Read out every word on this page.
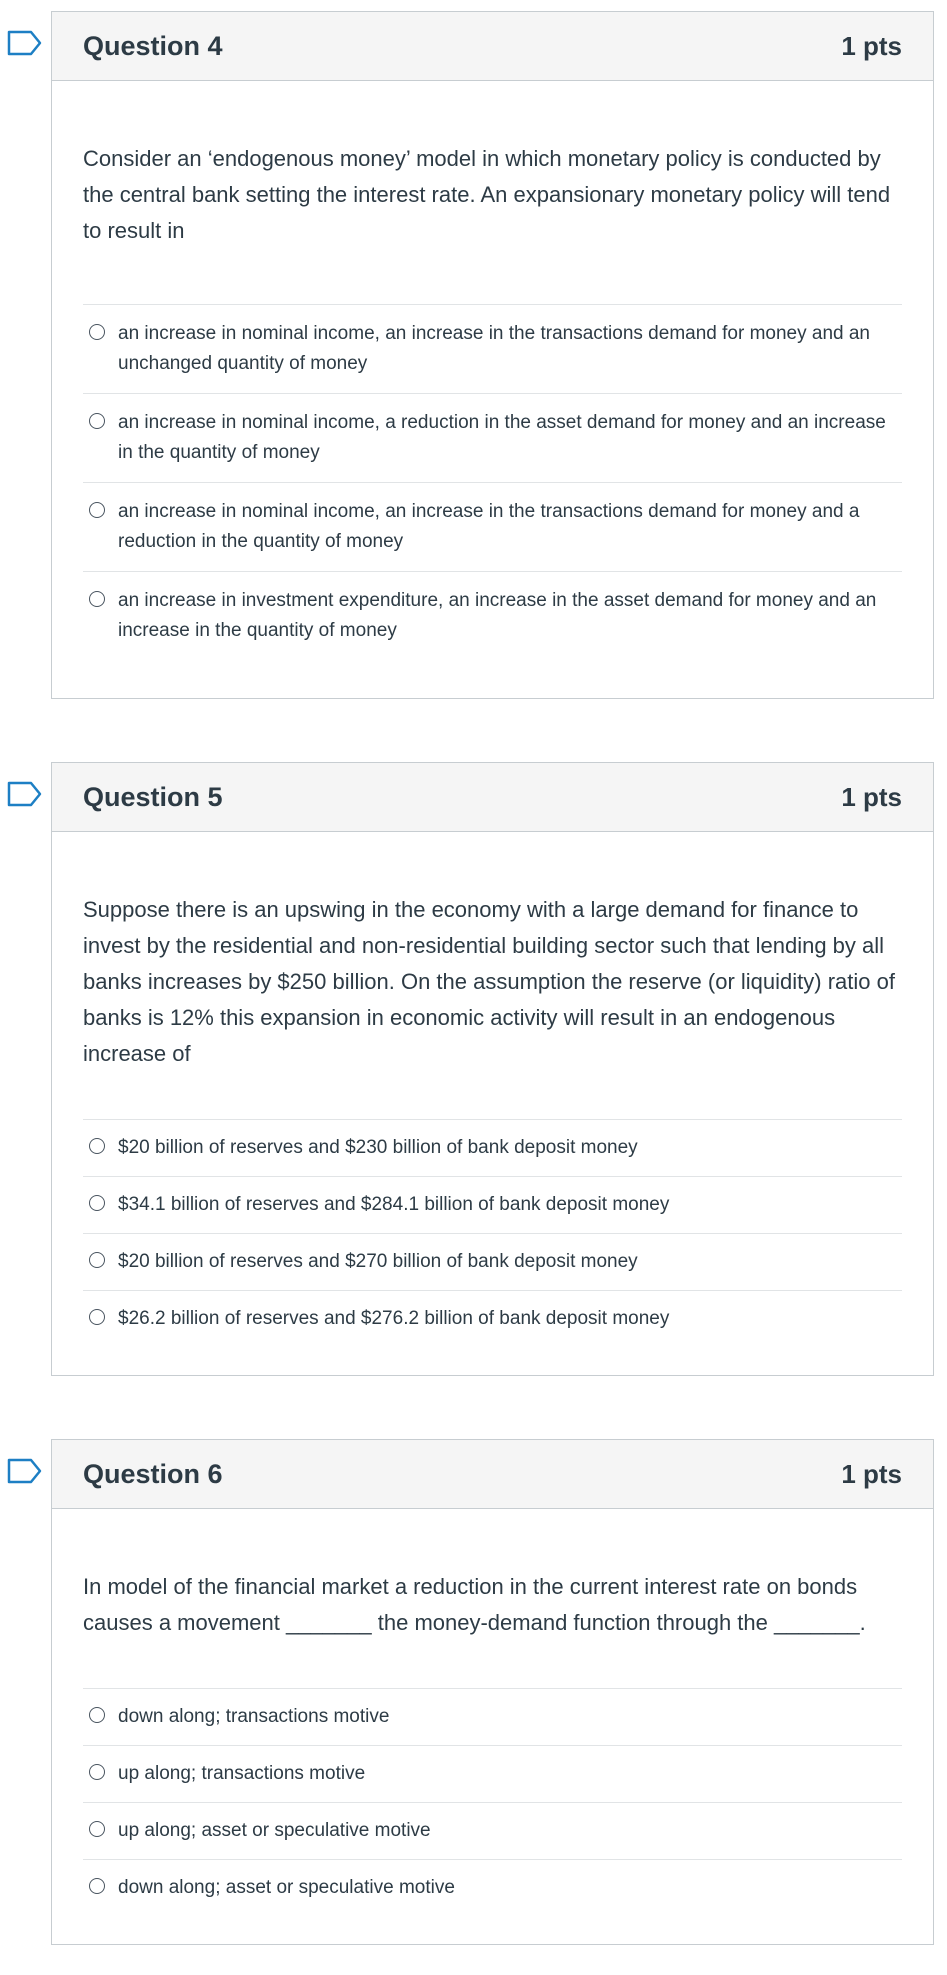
Question 4	1 pts

Consider an ‘endogenous money’ model in which monetary policy is conducted by the central bank setting the interest rate. An expansionary monetary policy will tend to result in

an increase in nominal income, an increase in the transactions demand for money and an unchanged quantity of money
an increase in nominal income, a reduction in the asset demand for money and an increase in the quantity of money
an increase in nominal income, an increase in the transactions demand for money and a reduction in the quantity of money
an increase in investment expenditure, an increase in the asset demand for money and an increase in the quantity of money
Question 5	1 pts

Suppose there is an upswing in the economy with a large demand for finance to invest by the residential and non-residential building sector such that lending by all banks increases by $250 billion. On the assumption the reserve (or liquidity) ratio of banks is 12% this expansion in economic activity will result in an endogenous increase of

$20 billion of reserves and $230 billion of bank deposit money
$34.1 billion of reserves and $284.1 billion of bank deposit money
$20 billion of reserves and $270 billion of bank deposit money
$26.2 billion of reserves and $276.2 billion of bank deposit money
Question 6	1 pts

In model of the financial market a reduction in the current interest rate on bonds causes a movement _______ the money-demand function through the _______.

down along; transactions motive
up along; transactions motive
up along; asset or speculative motive
down along; asset or speculative motive
